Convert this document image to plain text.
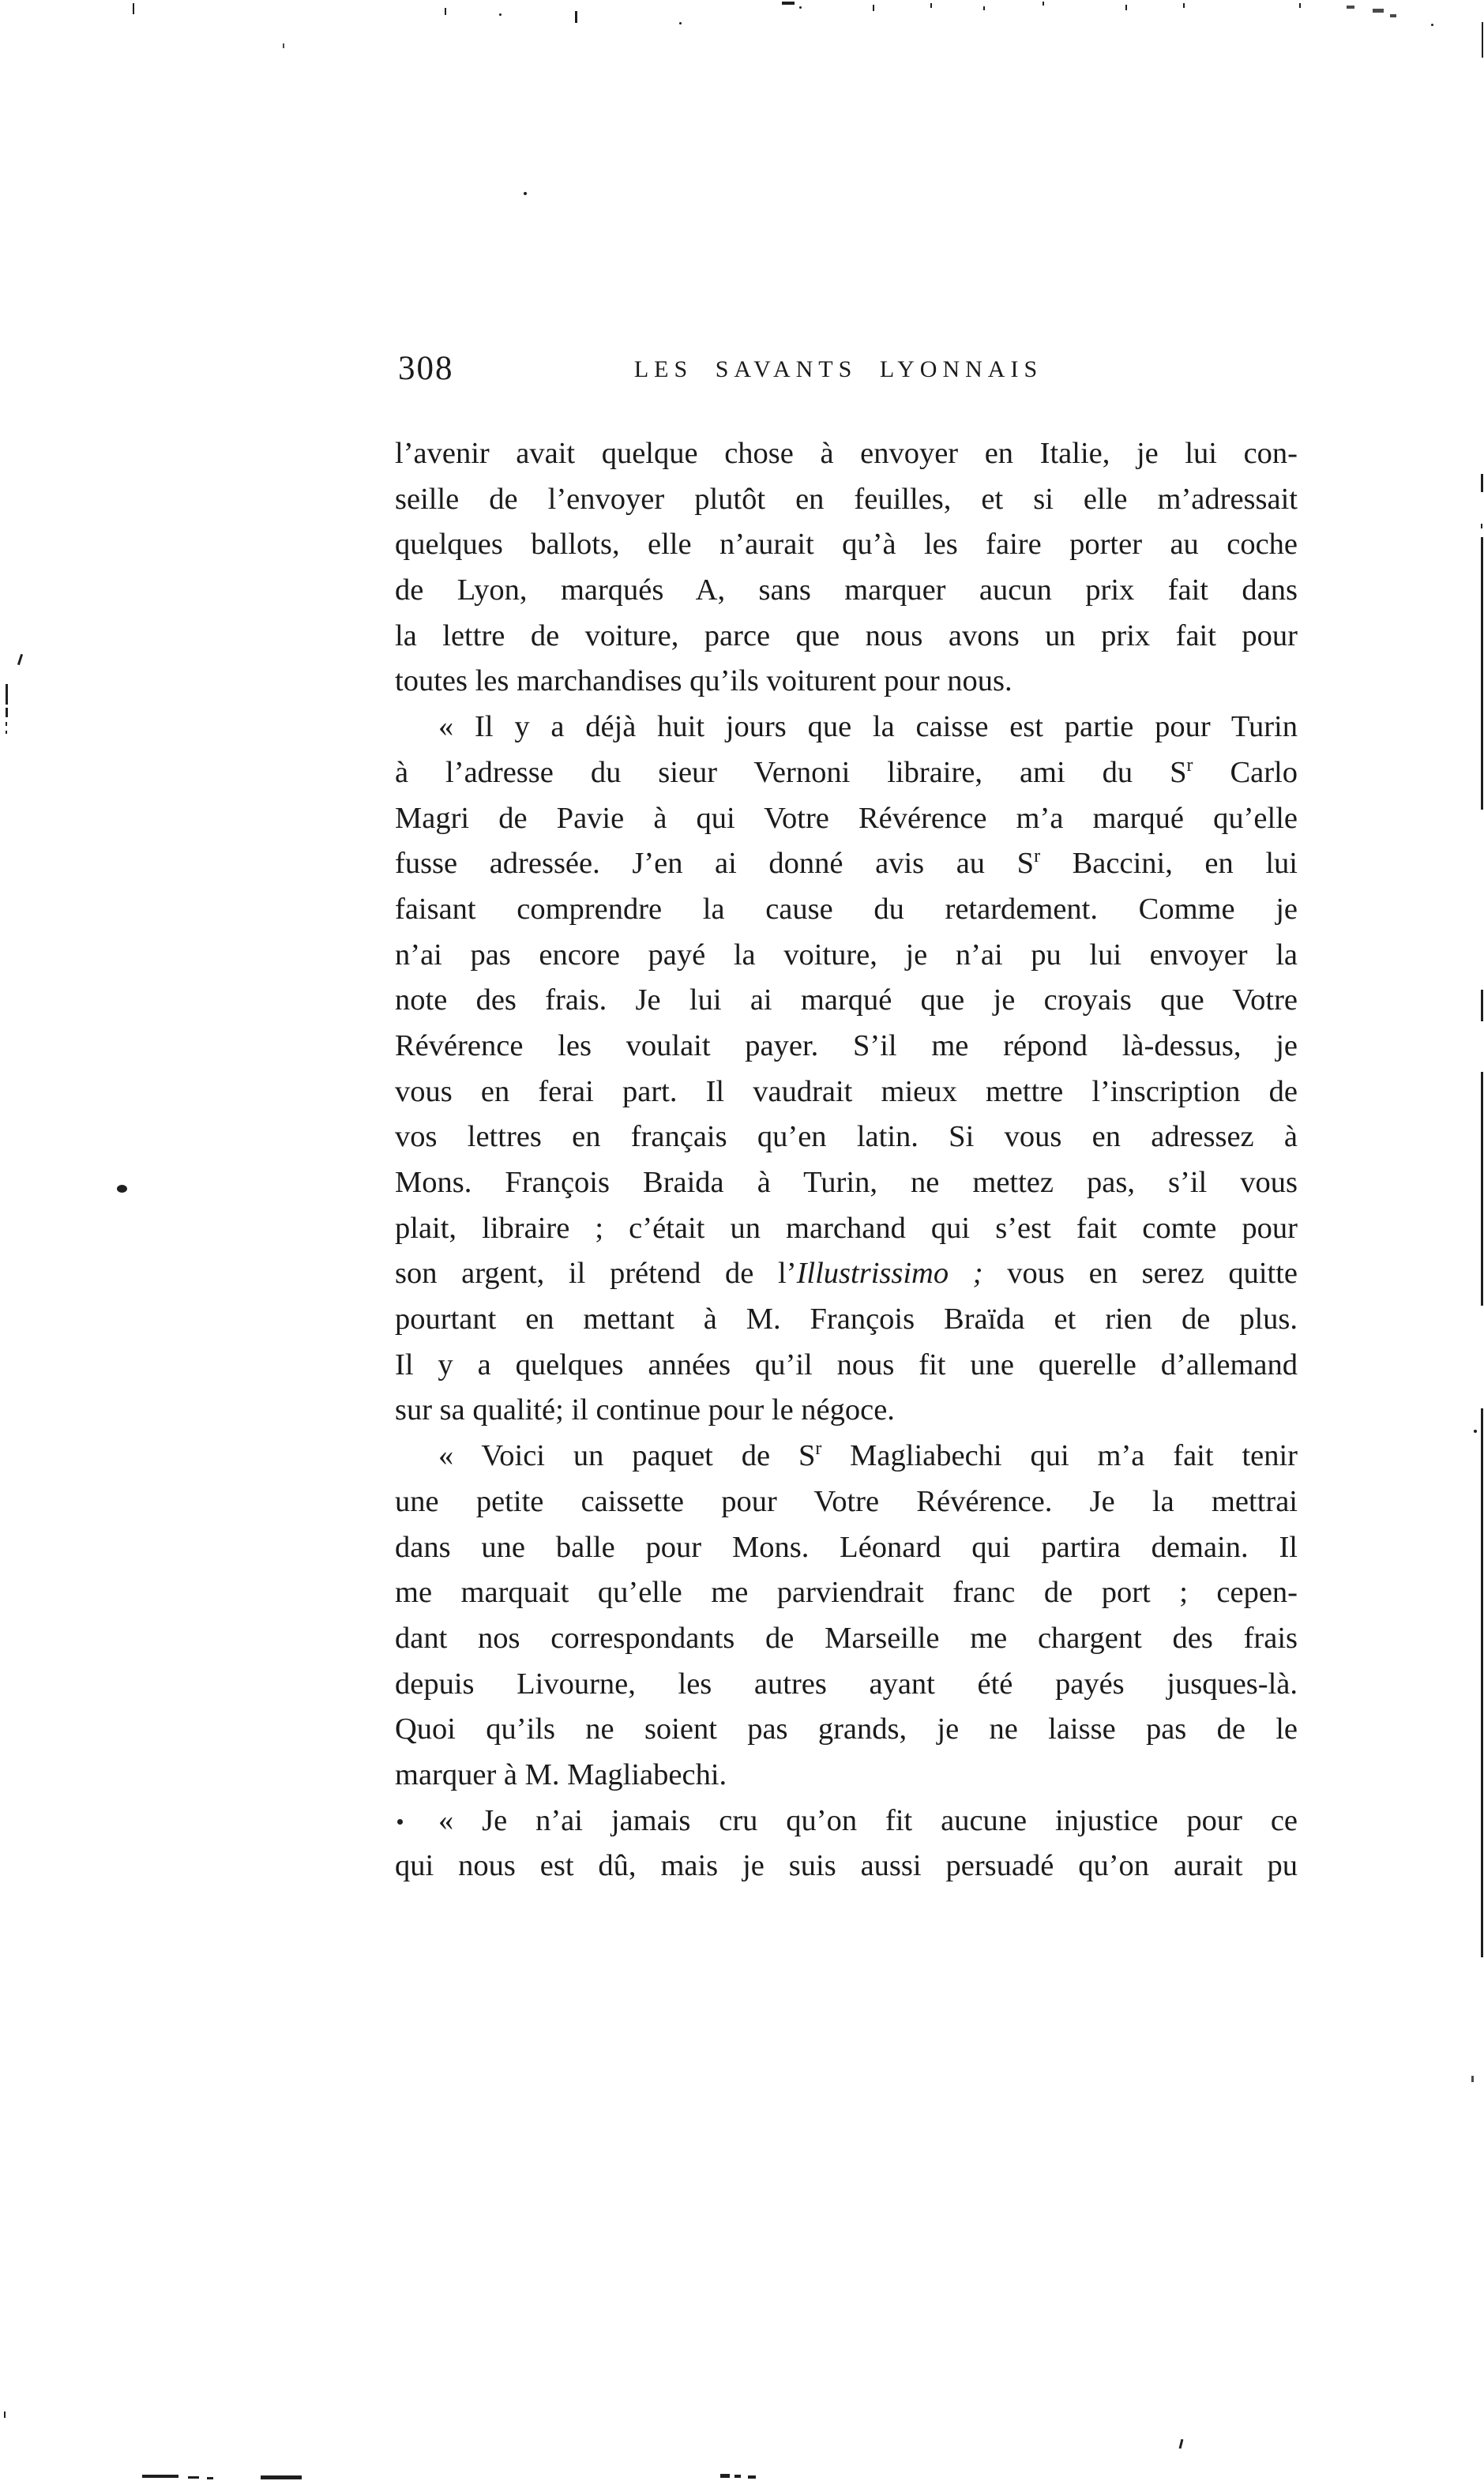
308	LES SAVANTS LYONNAIS
l’avenir avait quelque chose à envoyer en Italie, je lui con-
seille de l’envoyer plutôt en feuilles, et si elle m’adressait
quelques ballots, elle n’aurait qu’à les faire porter au coche
de Lyon, marqués A, sans marquer aucun prix fait dans
la lettre de voiture, parce que nous avons un prix fait pour
toutes les marchandises qu’ils voiturent pour nous.
« Il y a déjà huit jours que la caisse est partie pour Turin
à l’adresse du sieur Vernoni libraire, ami du $S^r$ Carlo
Magri de Pavie à qui Votre Révérence m’a marqué qu’elle
fusse adressée. J’en ai donné avis au $S^r$ Baccini, en lui
faisant comprendre la cause du retardement. Comme je
n’ai pas encore payé la voiture, je n’ai pu lui envoyer la
note des frais. Je lui ai marqué que je croyais que Votre
Révérence les voulait payer. S’il me répond là-dessus, je
vous en ferai part. Il vaudrait mieux mettre l’inscription de
vos lettres en français qu’en latin. Si vous en adressez à
Mons. François Braida à Turin, ne mettez pas, s’il vous
plait, libraire ; c’était un marchand qui s’est fait comte pour
son argent, il prétend de l’Illustrissimo ; vous en serez quitte
pourtant en mettant à M. François Braïda et rien de plus.
Il y a quelques années qu’il nous fit une querelle d’allemand
sur sa qualité; il continue pour le négoce.
« Voici un paquet de $S^r$ Magliabechi qui m’a fait tenir
une petite caissette pour Votre Révérence. Je la mettrai
dans une balle pour Mons. Léonard qui partira demain. Il
me marquait qu’elle me parviendrait franc de port ; cepen-
dant nos correspondants de Marseille me chargent des frais
depuis Livourne, les autres ayant été payés jusques-là.
Quoi qu’ils ne soient pas grands, je ne laisse pas de le
marquer à M. Magliabechi.
« Je n’ai jamais cru qu’on fit aucune injustice pour ce
qui nous est dû, mais je suis aussi persuadé qu’on aurait pu
